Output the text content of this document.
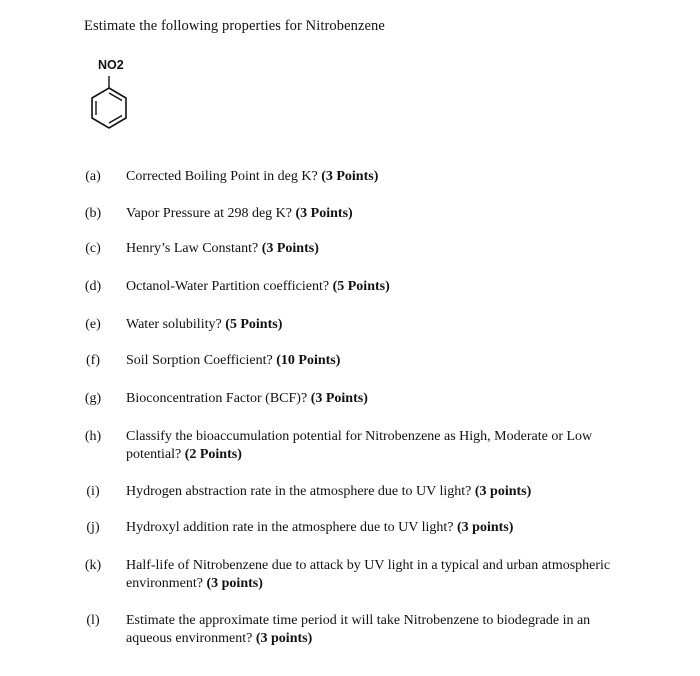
Estimate the following properties for Nitrobenzene
NO2
(a)	Corrected Boiling Point in deg K? (3 Points)
(b)	Vapor Pressure at 298 deg K? (3 Points)
(c)	Henry’s Law Constant? (3 Points)
(d)	Octanol-Water Partition coefficient? (5 Points)
(e)	Water solubility? (5 Points)
(f)	Soil Sorption Coefficient? (10 Points)
(g)	Bioconcentration Factor (BCF)? (3 Points)
(h)	Classify the bioaccumulation potential for Nitrobenzene as High, Moderate or Low potential? (2 Points)
(i)	Hydrogen abstraction rate in the atmosphere due to UV light? (3 points)
(j)	Hydroxyl addition rate in the atmosphere due to UV light? (3 points)
(k)	Half-life of Nitrobenzene due to attack by UV light in a typical and urban atmospheric environment? (3 points)
(l)	Estimate the approximate time period it will take Nitrobenzene to biodegrade in an aqueous environment? (3 points)
